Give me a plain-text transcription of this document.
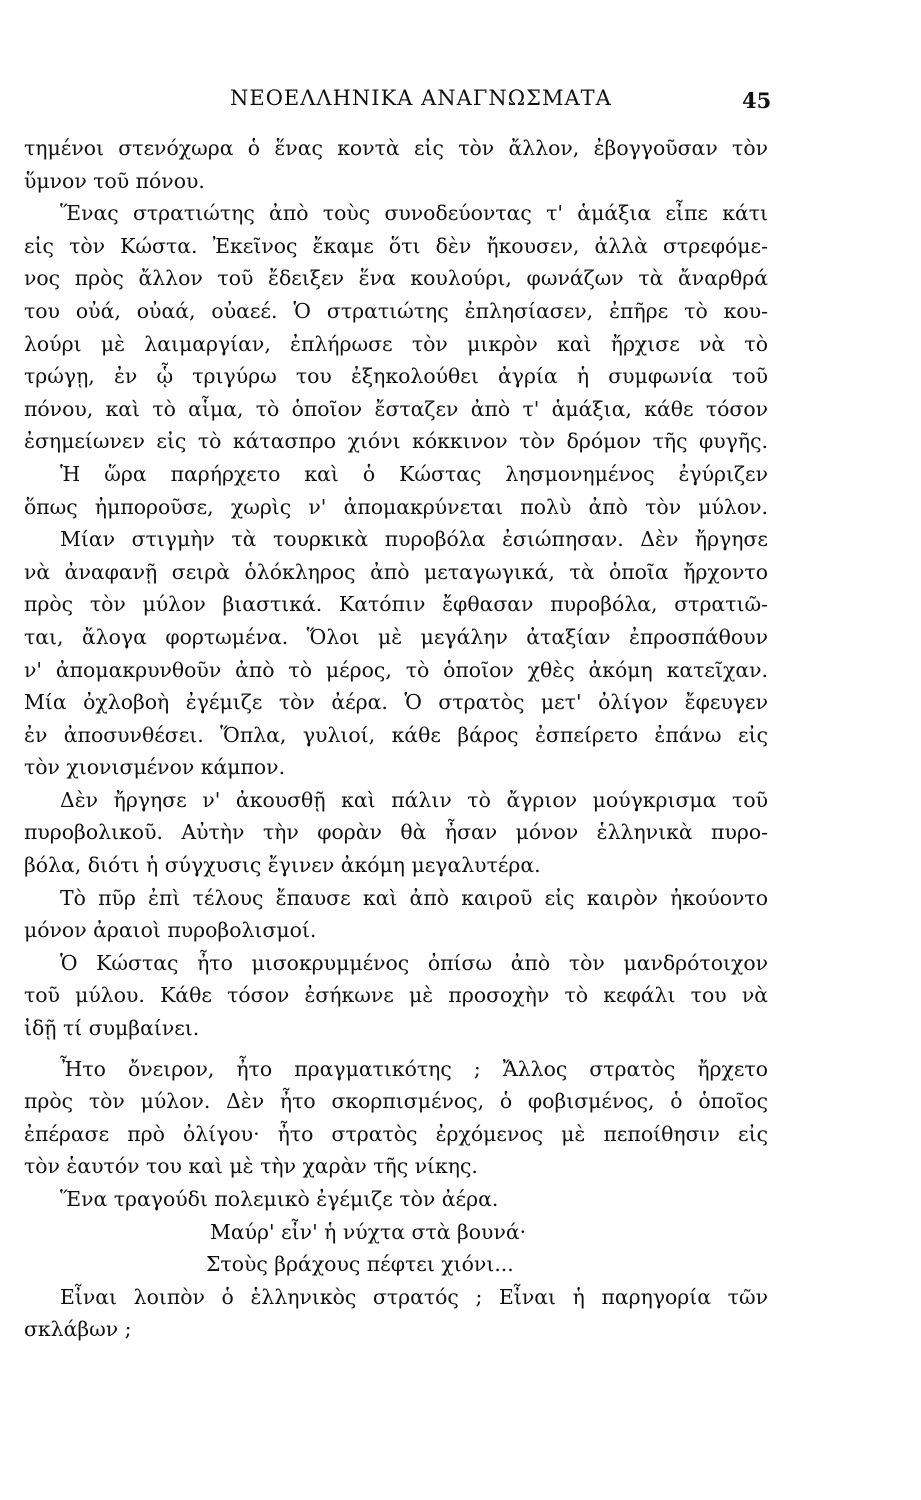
ΝΕΟΕΛΛΗΝΙΚΑ ΑΝΑΓΝΩΣΜΑΤΑ	45
τημένοι στενόχωρα ὁ ἕνας κοντὰ εἰς τὸν ἄλλον, ἐβογγοῦσαν τὸν
ὕμνον τοῦ πόνου.
Ἕνας στρατιώτης ἀπὸ τοὺς συνοδεύοντας τ' ἁμάξια εἶπε κάτι
εἰς τὸν Κώστα. Ἐκεῖνος ἔκαμε ὅτι δὲν ἤκουσεν, ἀλλὰ στρεφόμε-
νος πρὸς ἄλλον τοῦ ἔδειξεν ἕνα κουλούρι, φωνάζων τὰ ἄναρθρά
του οὐά, οὐαά, οὐαεέ. Ὁ στρατιώτης ἐπλησίασεν, ἐπῆρε τὸ κου-
λούρι μὲ λαιμαργίαν, ἐπλήρωσε τὸν μικρὸν καὶ ἤρχισε νὰ τὸ
τρώγῃ, ἐν ᾧ τριγύρω του ἐξηκολούθει ἀγρία ἡ συμφωνία τοῦ
πόνου, καὶ τὸ αἷμα, τὸ ὁποῖον ἔσταζεν ἀπὸ τ' ἁμάξια, κάθε τόσον
ἐσημείωνεν εἰς τὸ κάτασπρο χιόνι κόκκινον τὸν δρόμον τῆς φυγῆς.
Ἡ ὥρα παρήρχετο καὶ ὁ Κώστας λησμονημένος ἐγύριζεν
ὅπως ἠμποροῦσε, χωρὶς ν' ἀπομακρύνεται πολὺ ἀπὸ τὸν μύλον.
Μίαν στιγμὴν τὰ τουρκικὰ πυροβόλα ἐσιώπησαν. Δὲν ἤργησε
νὰ ἀναφανῇ σειρὰ ὁλόκληρος ἀπὸ μεταγωγικά, τὰ ὁποῖα ἤρχοντο
πρὸς τὸν μύλον βιαστικά. Κατόπιν ἔφθασαν πυροβόλα, στρατιῶ-
ται, ἄλογα φορτωμένα. Ὅλοι μὲ μεγάλην ἀταξίαν ἐπροσπάθουν
ν' ἀπομακρυνθοῦν ἀπὸ τὸ μέρος, τὸ ὁποῖον χθὲς ἀκόμη κατεῖχαν.
Μία ὀχλοβοὴ ἐγέμιζε τὸν ἀέρα. Ὁ στρατὸς μετ' ὀλίγον ἔφευγεν
ἐν ἀποσυνθέσει. Ὅπλα, γυλιοί, κάθε βάρος ἐσπείρετο ἐπάνω εἰς
τὸν χιονισμένον κάμπον.
Δὲν ἤργησε ν' ἀκουσθῇ καὶ πάλιν τὸ ἄγριον μούγκρισμα τοῦ
πυροβολικοῦ. Αὐτὴν τὴν φορὰν θὰ ἦσαν μόνον ἑλληνικὰ πυρο-
βόλα, διότι ἡ σύγχυσις ἔγινεν ἀκόμη μεγαλυτέρα.
Τὸ πῦρ ἐπὶ τέλους ἔπαυσε καὶ ἀπὸ καιροῦ εἰς καιρὸν ἠκούοντο
μόνον ἀραιοὶ πυροβολισμοί.
Ὁ Κώστας ἦτο μισοκρυμμένος ὀπίσω ἀπὸ τὸν μανδρότοιχον
τοῦ μύλου. Κάθε τόσον ἐσήκωνε μὲ προσοχὴν τὸ κεφάλι του νὰ
ἰδῇ τί συμβαίνει.
Ἦτο ὄνειρον, ἦτο πραγματικότης ; Ἄλλος στρατὸς ἤρχετο
πρὸς τὸν μύλον. Δὲν ἦτο σκορπισμένος, ὁ φοβισμένος, ὁ ὁποῖος
ἐπέρασε πρὸ ὀλίγου· ἦτο στρατὸς ἐρχόμενος μὲ πεποίθησιν εἰς
τὸν ἑαυτόν του καὶ μὲ τὴν χαρὰν τῆς νίκης.
Ἕνα τραγούδι πολεμικὸ ἐγέμιζε τὸν ἀέρα.
Μαύρ' εἶν' ἡ νύχτα στὰ βουνά·
Στοὺς βράχους πέφτει χιόνι...
Εἶναι λοιπὸν ὁ ἑλληνικὸς στρατός ; Εἶναι ἡ παρηγορία τῶν
σκλάβων ;
